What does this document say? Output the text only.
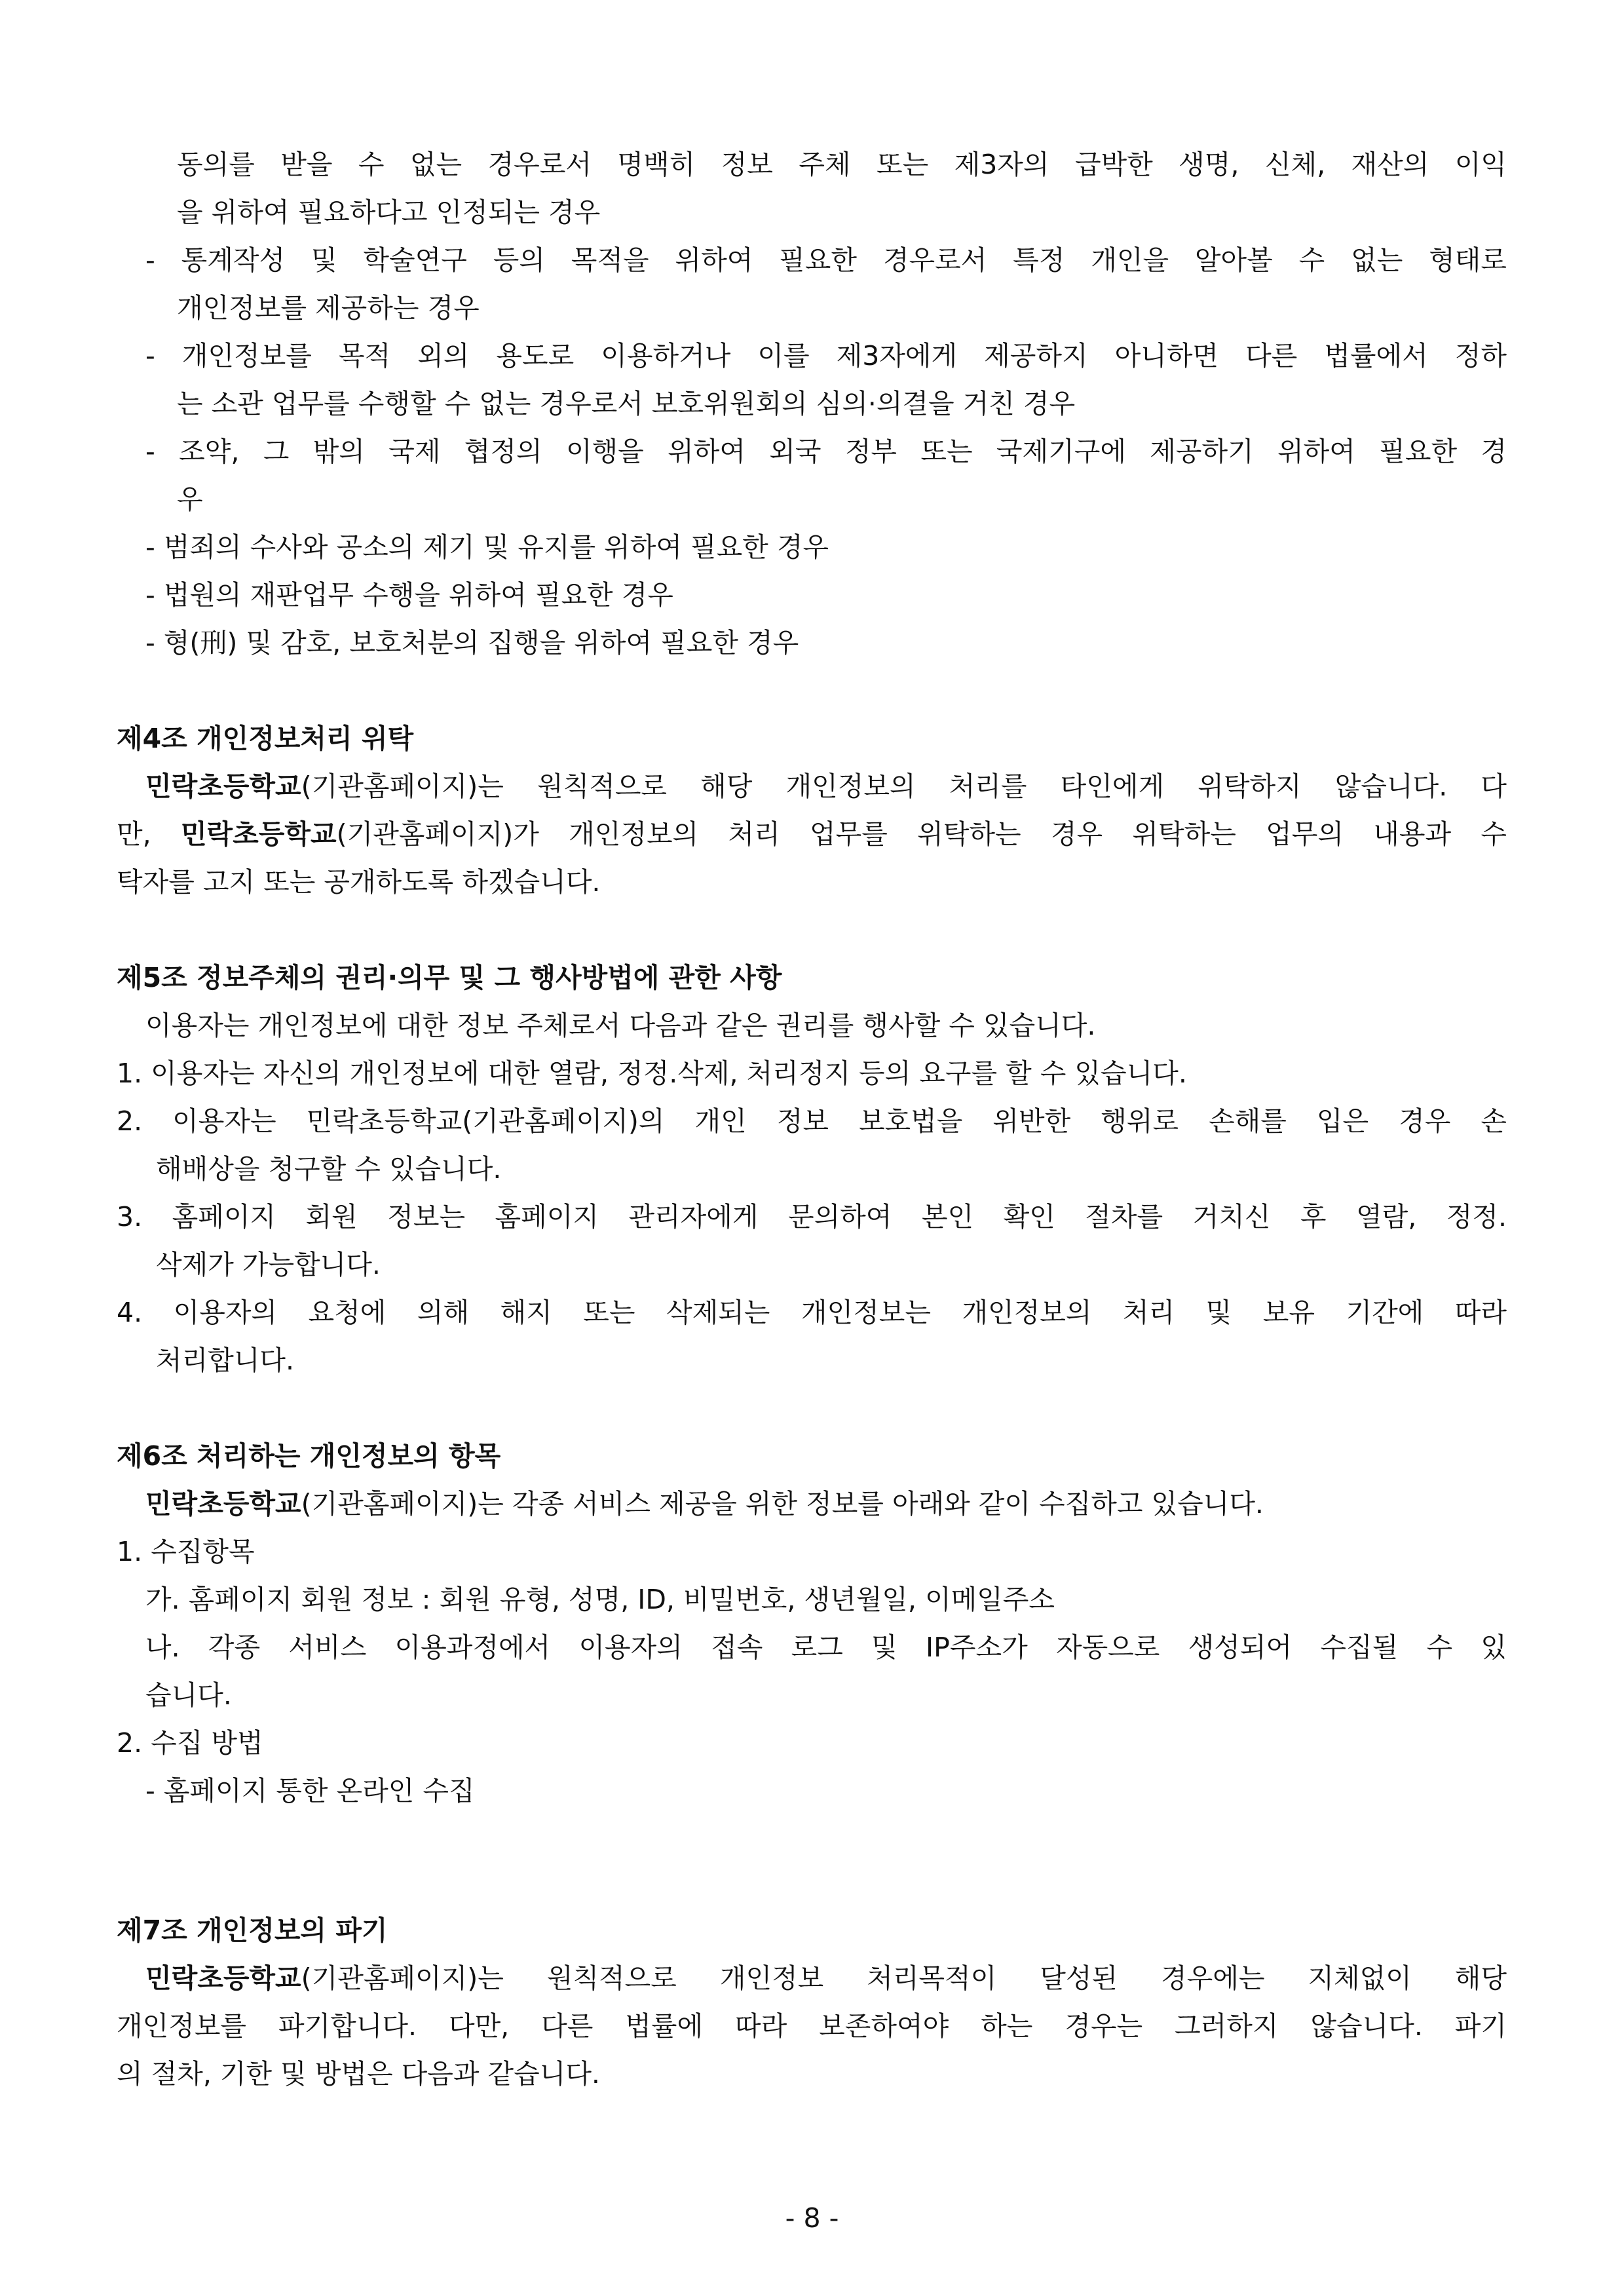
동의를 받을 수 없는 경우로서 명백히 정보 주체 또는 제3자의 급박한 생명, 신체, 재산의 이익
을 위하여 필요하다고 인정되는 경우
- 통계작성 및 학술연구 등의 목적을 위하여 필요한 경우로서 특정 개인을 알아볼 수 없는 형태로
개인정보를 제공하는 경우
- 개인정보를 목적 외의 용도로 이용하거나 이를 제3자에게 제공하지 아니하면 다른 법률에서 정하
는 소관 업무를 수행할 수 없는 경우로서 보호위원회의 심의·의결을 거친 경우
- 조약, 그 밖의 국제 협정의 이행을 위하여 외국 정부 또는 국제기구에 제공하기 위하여 필요한 경
우
- 범죄의 수사와 공소의 제기 및 유지를 위하여 필요한 경우
- 법원의 재판업무 수행을 위하여 필요한 경우
- 형(刑) 및 감호, 보호처분의 집행을 위하여 필요한 경우
제4조 개인정보처리 위탁
민락초등학교(기관홈페이지)는 원칙적으로 해당 개인정보의 처리를 타인에게 위탁하지 않습니다. 다
만, 민락초등학교(기관홈페이지)가 개인정보의 처리 업무를 위탁하는 경우 위탁하는 업무의 내용과 수
탁자를 고지 또는 공개하도록 하겠습니다.
제5조 정보주체의 권리·의무 및 그 행사방법에 관한 사항
이용자는 개인정보에 대한 정보 주체로서 다음과 같은 권리를 행사할 수 있습니다.
1. 이용자는 자신의 개인정보에 대한 열람, 정정.삭제, 처리정지 등의 요구를 할 수 있습니다.
2. 이용자는 민락초등학교(기관홈페이지)의 개인 정보 보호법을 위반한 행위로 손해를 입은 경우 손
해배상을 청구할 수 있습니다.
3. 홈페이지 회원 정보는 홈페이지 관리자에게 문의하여 본인 확인 절차를 거치신 후 열람, 정정.
삭제가 가능합니다.
4. 이용자의 요청에 의해 해지 또는 삭제되는 개인정보는 개인정보의 처리 및 보유 기간에 따라
처리합니다.
제6조 처리하는 개인정보의 항목
민락초등학교(기관홈페이지)는 각종 서비스 제공을 위한 정보를 아래와 같이 수집하고 있습니다.
1. 수집항목
가. 홈페이지 회원 정보 : 회원 유형, 성명, ID, 비밀번호, 생년월일, 이메일주소
나. 각종 서비스 이용과정에서 이용자의 접속 로그 및 IP주소가 자동으로 생성되어 수집될 수 있
습니다.
2. 수집 방법
- 홈페이지 통한 온라인 수집
제7조 개인정보의 파기
민락초등학교(기관홈페이지)는 원칙적으로 개인정보 처리목적이 달성된 경우에는 지체없이 해당
개인정보를 파기합니다. 다만, 다른 법률에 따라 보존하여야 하는 경우는 그러하지 않습니다. 파기
의 절차, 기한 및 방법은 다음과 같습니다.
- 8 -
